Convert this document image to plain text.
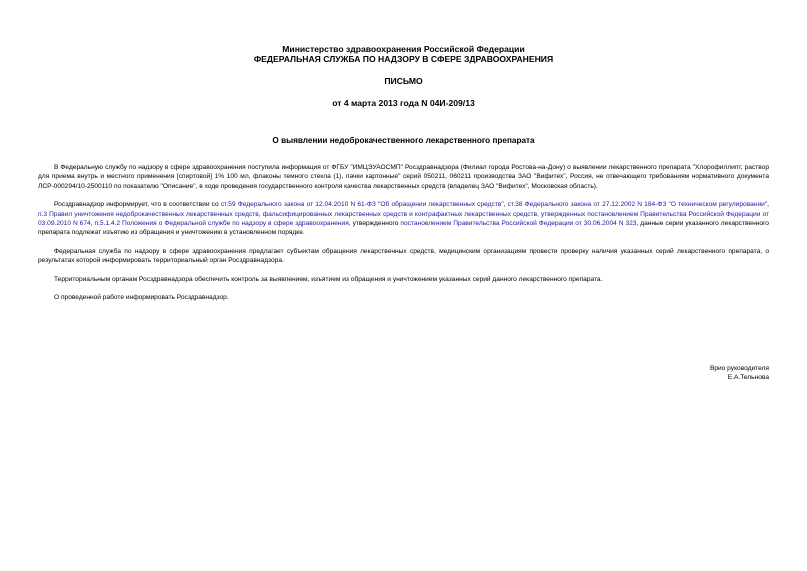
Министерство здравоохранения Российской Федерации
ФЕДЕРАЛЬНАЯ СЛУЖБА ПО НАДЗОРУ В СФЕРЕ ЗДРАВООХРАНЕНИЯ
ПИСЬМО
от 4 марта 2013 года N 04И-209/13
О выявлении недоброкачественного лекарственного препарата

В Федеральную службу по надзору в сфере здравоохранения поступила информация от ФГБУ "ИМЦЭУАОСМП" Росздравнадзора (Филиал города Ростова-на-Дону) о выявлении лекарственного препарата "Хлорофиллипт, раствор для приема внутрь и местного применения [спиртовой] 1% 100 мл, флаконы темного стекла (1), пачки картонные" серий 050211, 060211 производства ЗАО "Вифитех", Россия, не отвечающего требованиям нормативного документа ЛСР-000294/10-2500110 по показателю "Описание", в ходе проведения государственного контроля качества лекарственных средств (владелец ЗАО "Вифитех", Московская область).

Росздравнадзор информирует, что в соответствии со ст.59 Федерального закона от 12.04.2010 N 61-ФЗ "Об обращении лекарственных средств", ст.38 Федерального закона от 27.12.2002 N 184-ФЗ "О техническом регулировании", п.3 Правил уничтожения недоброкачественных лекарственных средств, фальсифицированных лекарственных средств и контрафактных лекарственных средств, утвержденных постановлением Правительства Российской Федерации от 03.09.2010 N 674, п.5.1.4.2 Положения о Федеральной службе по надзору в сфере здравоохранения, утвержденного постановлением Правительства Российской Федерации от 30.06.2004 N 323, данные серии указанного лекарственного препарата подлежат изъятию из обращения и уничтожению в установленном порядке.

Федеральная служба по надзору в сфере здравоохранения предлагает субъектам обращения лекарственных средств, медицинским организациям провести проверку наличия указанных серий лекарственного препарата, о результатах которой информировать территориальный орган Росздравнадзора.

Территориальным органам Росздравнадзора обеспечить контроль за выявлением, изъятием из обращения и уничтожением указанных серий данного лекарственного препарата.

О проведенной работе информировать Росздравнадзор.

Врио руководителя
Е.А.Тельнова
